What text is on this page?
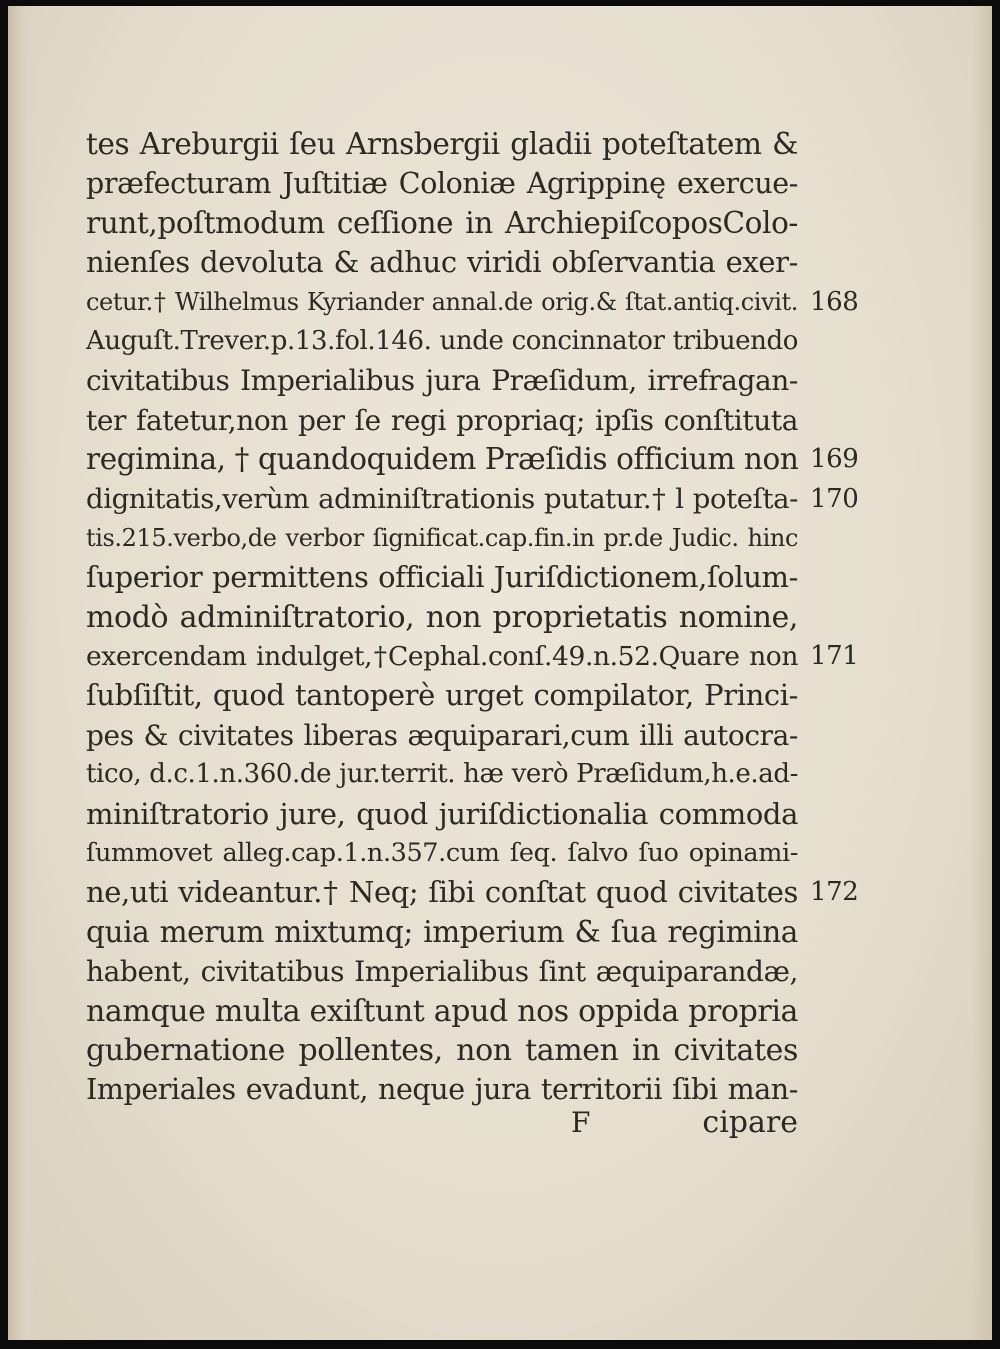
tes Areburgii ſeu Arnsbergii gladii poteſtatem &
præfecturam Juſtitiæ Coloniæ Agrippinę exercue-
runt,poſtmodum ceſſione in ArchiepiſcoposColo-
nienſes devoluta & adhuc viridi obſervantia exer-
cetur.† Wilhelmus Kyriander annal.de orig.& ſtat.antiq.civit. 168
Auguſt.Trever.p.13.fol.146. unde concinnator tribuendo
civitatibus Imperialibus jura Præſidum, irrefragan-
ter fatetur,non per ſe regi propriaq; ipſis conſtituta
regimina, † quandoquidem Præſidis officium non 169
dignitatis,verùm adminiſtrationis putatur.† l poteſta- 170
tis.215.verbo,de verbor ſignificat.cap.fin.in pr.de Judic. hinc
ſuperior permittens officiali Juriſdictionem,ſolum-
modò adminiſtratorio, non proprietatis nomine,
exercendam indulget,†Cephal.conſ.49.n.52.Quare non 171
ſubſiſtit, quod tantoperè urget compilator, Princi-
pes & civitates liberas æquiparari,cum illi autocra-
tico, d.c.1.n.360.de jur.territ. hæ verò Præſidum,h.e.ad-
miniſtratorio jure, quod juriſdictionalia commoda
ſummovet alleg.cap.1.n.357.cum ſeq. ſalvo ſuo opinami-
ne,uti videantur.† Neq; ſibi conſtat quod civitates 172
quia merum mixtumq; imperium & ſua regimina
habent, civitatibus Imperialibus ſint æquiparandæ,
namque multa exiſtunt apud nos oppida propria
gubernatione pollentes, non tamen in civitates
Imperiales evadunt, neque jura territorii ſibi man-
F	cipare
